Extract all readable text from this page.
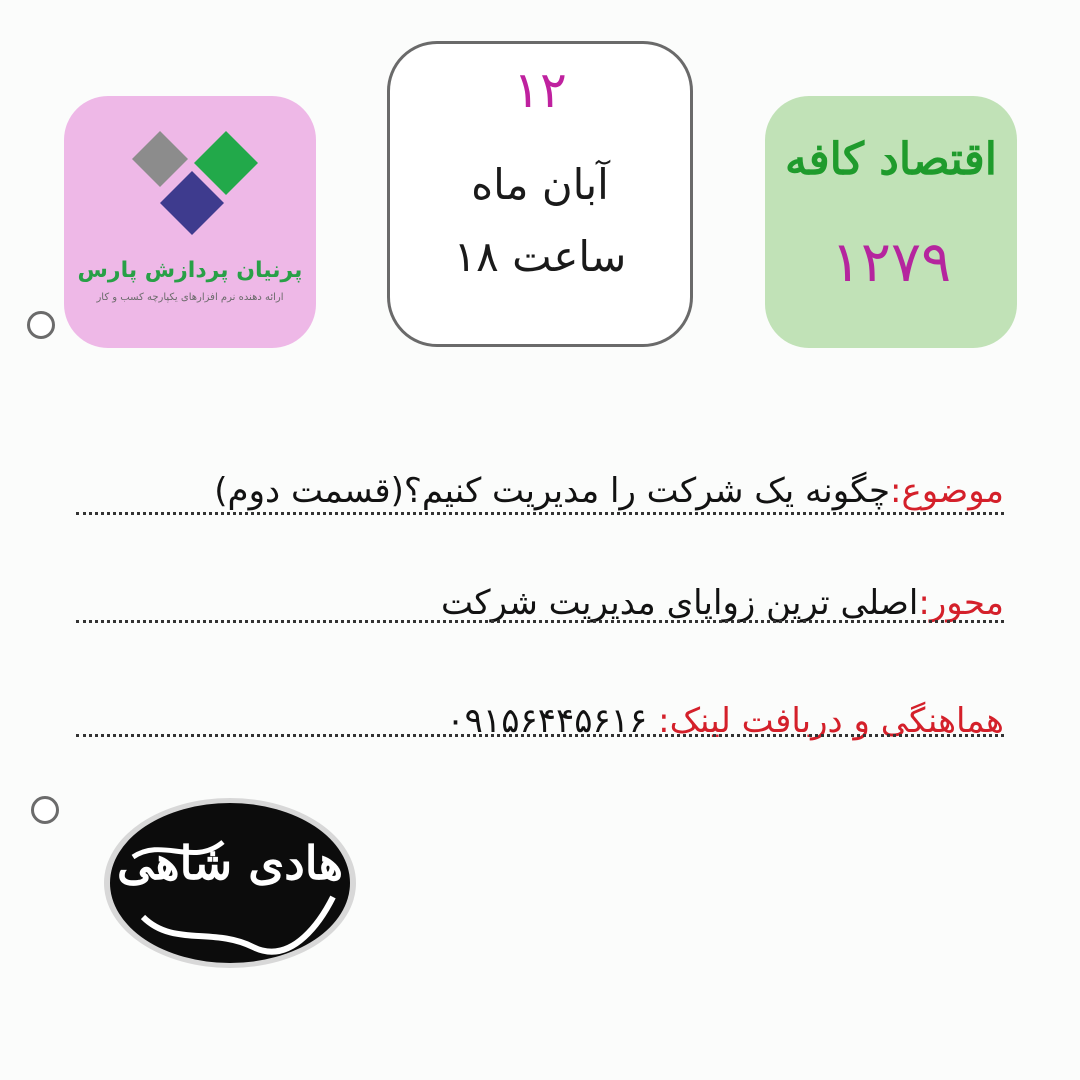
پرنیان پردازش پارس
ارائه دهنده نرم افزارهای یکپارچه کسب و کار
۱۲
آبان ماه
ساعت ۱۸
اقتصاد کافه
۱۲۷۹
موضوع:چگونه یک شرکت را مدیریت کنیم؟(قسمت دوم)
محور:اصلی ترین زوایای مدیریت شرکت
هماهنگی و دریافت لینک: ۰۹۱۵۶۴۴۵۶۱۶
هادی شاهی
